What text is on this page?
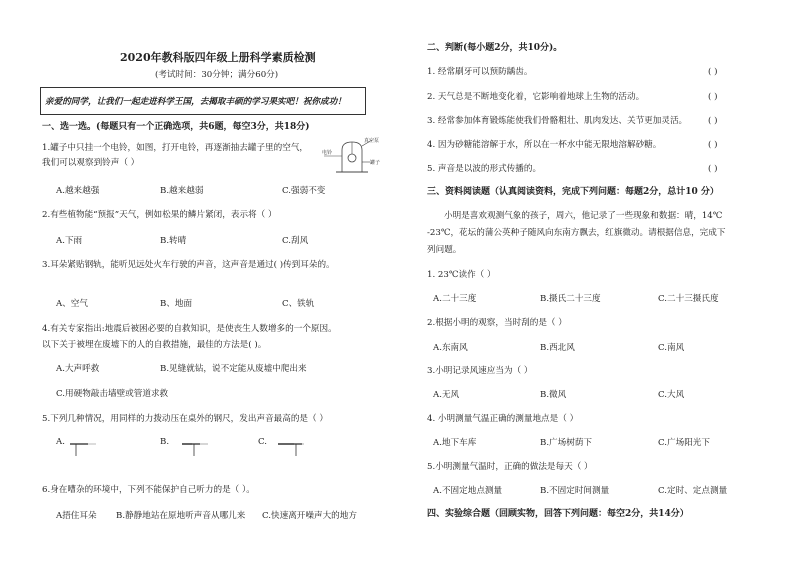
2020年教科版四年级上册科学素质检测
(考试时间：30分钟；满分60分)
亲爱的同学，让我们一起走进科学王国，去揭取丰硕的学习果实吧！祝你成功！
一、选一选。(每题只有一个正确选项，共6题，每空3分，共18分)
1.罐子中只挂一个电铃，如图，打开电铃，再逐渐抽去罐子里的空气，
我们可以观察到铃声（ ）
真空泵
电铃
罐子
A.越来越强	B.越来越弱	C.强弱不变
2.有些植物能“预报”天气，例如松果的鳞片紧闭，表示将（ ）
A.下雨	B.转晴	C.刮风
3.耳朵紧贴钢轨，能听见远处火车行驶的声音，这声音是通过( )传到耳朵的。
A、空气	B、地面	C、铁轨
4.有关专家指出:地震后被困必要的自救知识，是使丧生人数增多的一个原因。
以下关于被埋在废墟下的人的自救措施，最佳的方法是( )。
A.大声呼救	B.见缝就钻，说不定能从废墟中爬出来
C.用硬物敲击墙壁或管道求救
5.下列几种情况，用同样的力拨动压在桌外的钢尺，发出声音最高的是（ ）
A.	B.	C.
6.身在嘈杂的环境中，下列不能保护自己听力的是（ ）。
A捂住耳朵 B.静静地站在原地听声音从哪儿来 C.快速离开噪声大的地方
二、判断(每小题2分，共10分)。
1. 经常刷牙可以预防龋齿。	( )
2. 天气总是不断地变化着，它影响着地球上生物的活动。	( )
3. 经常参加体育锻炼能使我们骨骼粗壮、肌肉发达、关节更加灵活。 ( )
4. 因为砂糖能溶解于水，所以在一杯水中能无限地溶解砂糖。	( )
5. 声音是以波的形式传播的。	( )
三、资料阅读题（认真阅读资料，完成下列问题：每题2分，总计10 分）
小明是喜欢观测气象的孩子，周六，他记录了一些现象和数据：晴，14℃
-23℃，花坛的蒲公英种子随风向东南方飘去，红旗微动。请根据信息，完成下
列问题。
1. 23℃读作（ ）
A.二十三度	B.摄氏二十三度	C.二十三摄氏度
2.根据小明的观察，当时刮的是（ ）
A.东南风	B.西北风	C.南风
3.小明记录风速应当为（ ）
A.无风	B.微风	C.大风
4. 小明测量气温正确的测量地点是（ ）
A.地下车库	B.广场树荫下	C.广场阳光下
5.小明测量气温时，正确的做法是每天（ ）
A.不固定地点测量	B.不固定时间测量	C.定时、定点测量
四、实验综合题（回顾实物，回答下列问题：每空2分，共14分）
